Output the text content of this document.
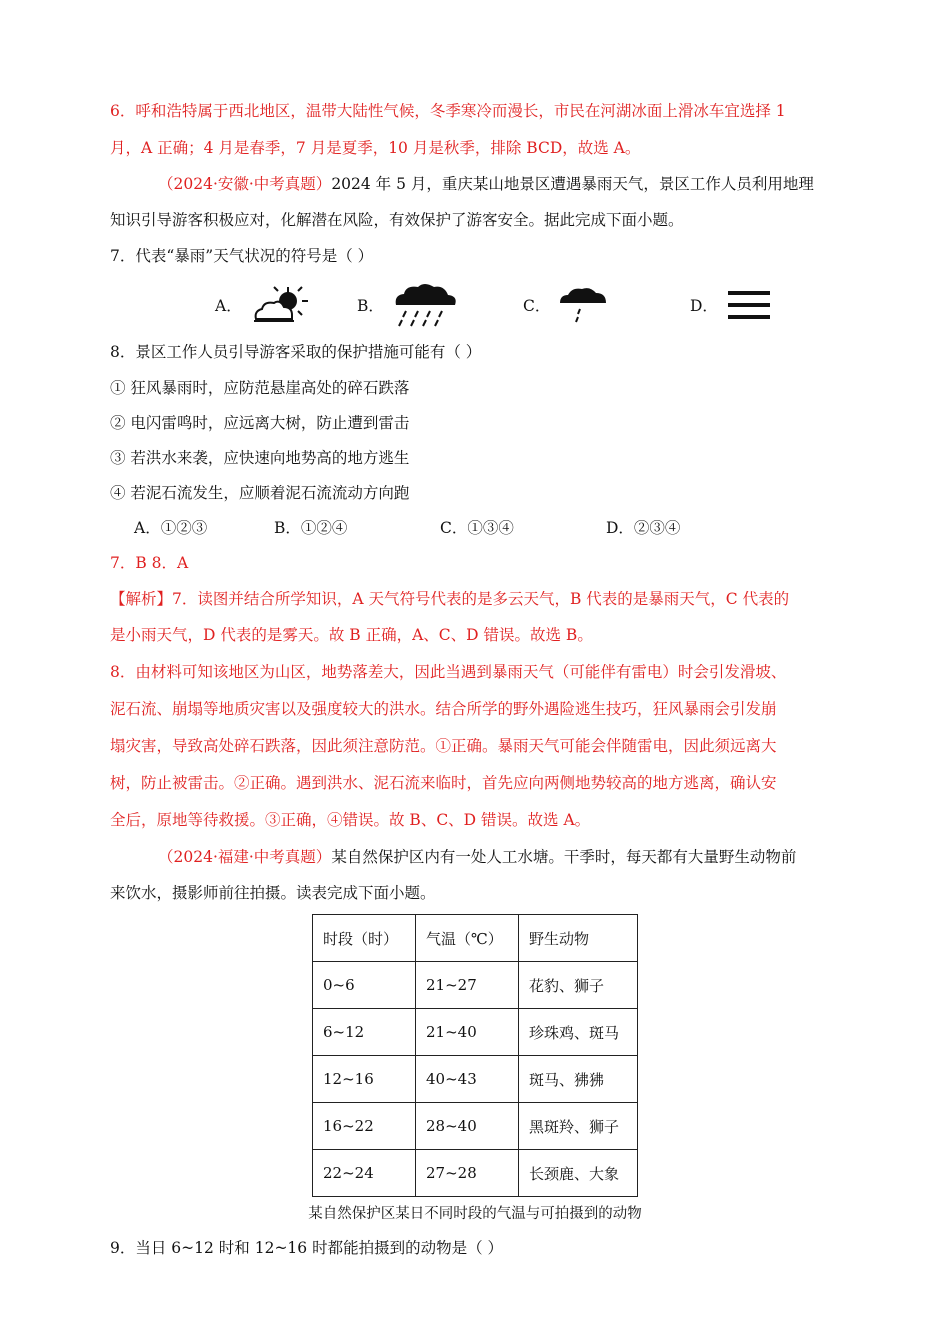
6．呼和浩特属于西北地区，温带大陆性气候，冬季寒冷而漫长，市民在河湖冰面上滑冰车宜选择 1

月，A 正确；4 月是春季，7 月是夏季，10 月是秋季，排除 BCD，故选 A。

（2024·安徽·中考真题）2024 年 5 月，重庆某山地景区遭遇暴雨天气，景区工作人员利用地理

知识引导游客积极应对，化解潜在风险，有效保护了游客安全。据此完成下面小题。

7．代表“暴雨”天气状况的符号是（ ）

A．	B．	C．	D．

8．景区工作人员引导游客采取的保护措施可能有（ ）

① 狂风暴雨时，应防范悬崖高处的碎石跌落

② 电闪雷鸣时，应远离大树，防止遭到雷击

③ 若洪水来袭，应快速向地势高的地方逃生

④ 若泥石流发生，应顺着泥石流流动方向跑

A．①②③	B．①②④	C．①③④	D．②③④

7．B 8．A

【解析】7．读图并结合所学知识，A 天气符号代表的是多云天气，B 代表的是暴雨天气，C 代表的

是小雨天气，D 代表的是雾天。故 B 正确，A、C、D 错误。故选 B。

8．由材料可知该地区为山区，地势落差大，因此当遇到暴雨天气（可能伴有雷电）时会引发滑坡、

泥石流、崩塌等地质灾害以及强度较大的洪水。结合所学的野外遇险逃生技巧，狂风暴雨会引发崩

塌灾害，导致高处碎石跌落，因此须注意防范。①正确。暴雨天气可能会伴随雷电，因此须远离大

树，防止被雷击。②正确。遇到洪水、泥石流来临时，首先应向两侧地势较高的地方逃离，确认安

全后，原地等待救援。③正确，④错误。故 B、C、D 错误。故选 A。

（2024·福建·中考真题）某自然保护区内有一处人工水塘。干季时，每天都有大量野生动物前

来饮水，摄影师前往拍摄。读表完成下面小题。

时段（时）	气温（℃）	野生动物
0~6	21~27	花豹、狮子
6~12	21~40	珍珠鸡、斑马
12~16	40~43	斑马、狒狒
16~22	28~40	黑斑羚、狮子
22~24	27~28	长颈鹿、大象
某自然保护区某日不同时段的气温与可拍摄到的动物

9．当日 6~12 时和 12~16 时都能拍摄到的动物是（ ）
